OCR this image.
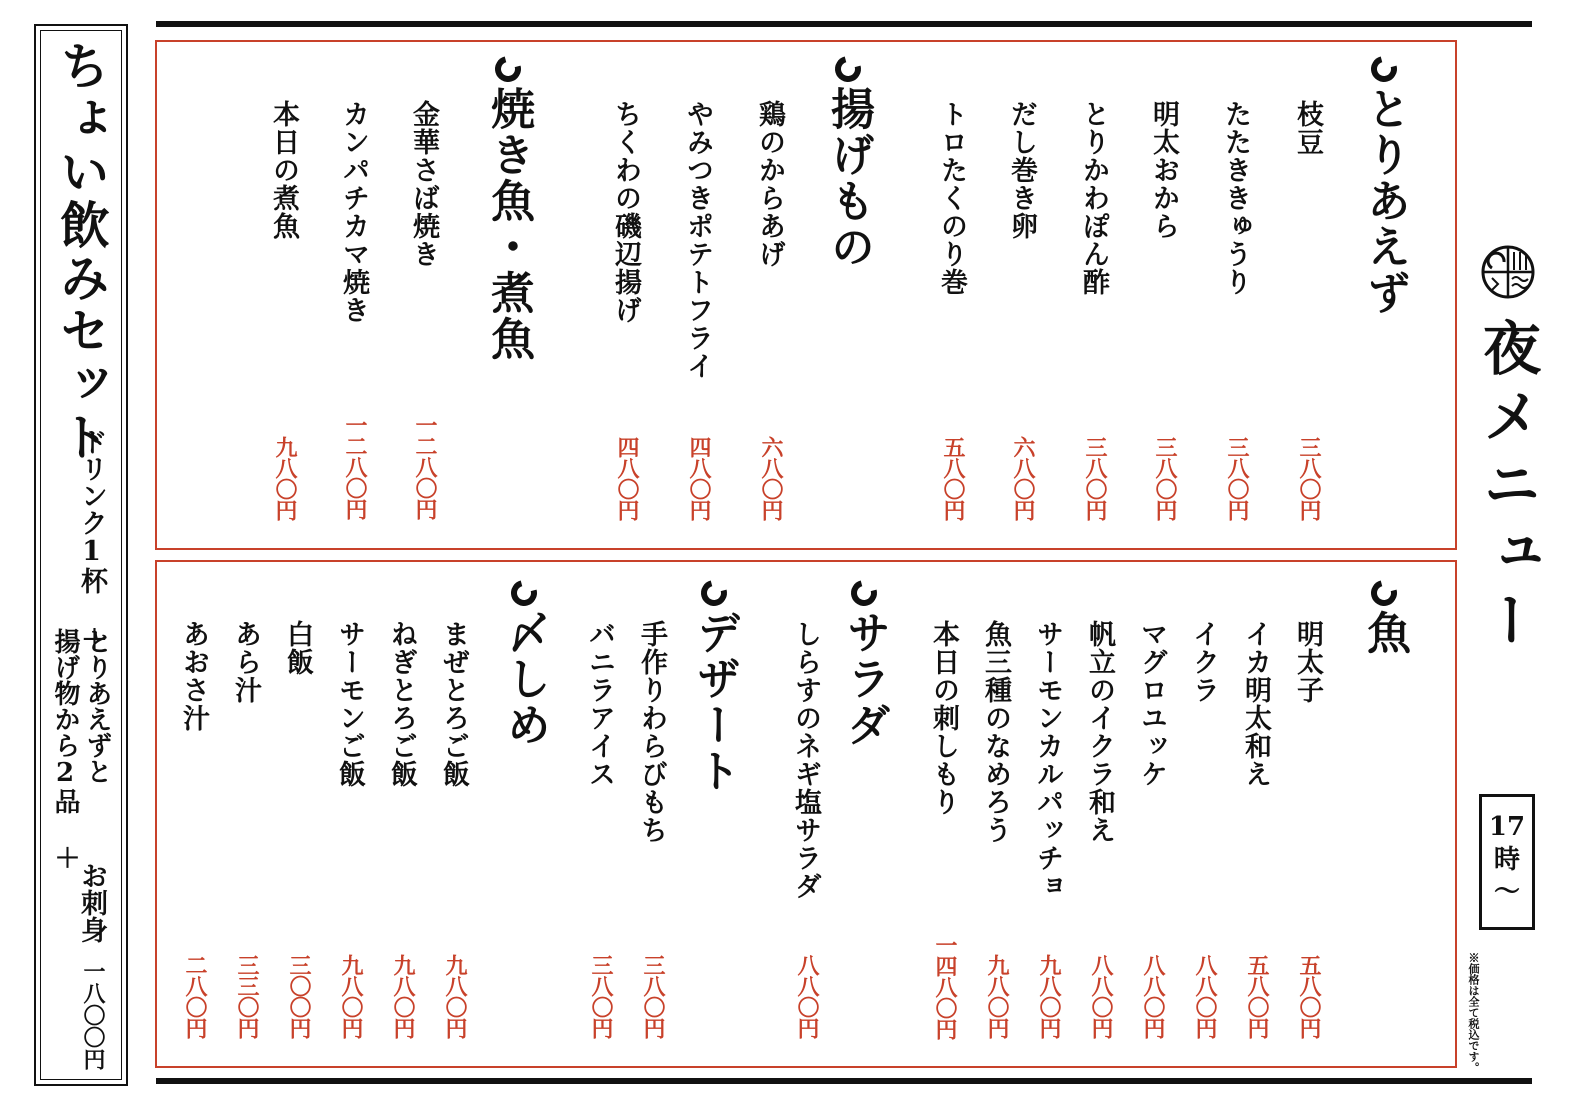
夜メニュー
17
時
〜
※価格は全て税込です。
ちょい飲みセット
ドリンク1杯 ＋
とりあえずと
揚げ物から2品 ＋
お刺身
一八〇〇円
とりあえず
枝豆
三八〇円
たたききゅうり
三八〇円
明太おから
三八〇円
とりかわぽん酢
三八〇円
だし巻き卵
六八〇円
トロたくのり巻
五八〇円
揚げもの
鶏のからあげ
六八〇円
やみつきポテトフライ
四八〇円
ちくわの磯辺揚げ
四八〇円
焼き魚・煮魚
金華さば焼き
一二八〇円
カンパチカマ焼き
一二八〇円
本日の煮魚
九八〇円
魚
明太子
五八〇円
イカ明太和え
五八〇円
イクラ
八八〇円
マグロユッケ
八八〇円
帆立のイクラ和え
八八〇円
サーモンカルパッチョ
九八〇円
魚三種のなめろう
九八〇円
本日の刺しもり
一四八〇円
サラダ
しらすのネギ塩サラダ
八八〇円
デザート
手作りわらびもち
三八〇円
バニラアイス
三八〇円
〆しめ
まぜとろご飯
九八〇円
ねぎとろご飯
九八〇円
サーモンご飯
九八〇円
白飯
三〇〇円
あら汁
三三〇円
あおさ汁
二八〇円
